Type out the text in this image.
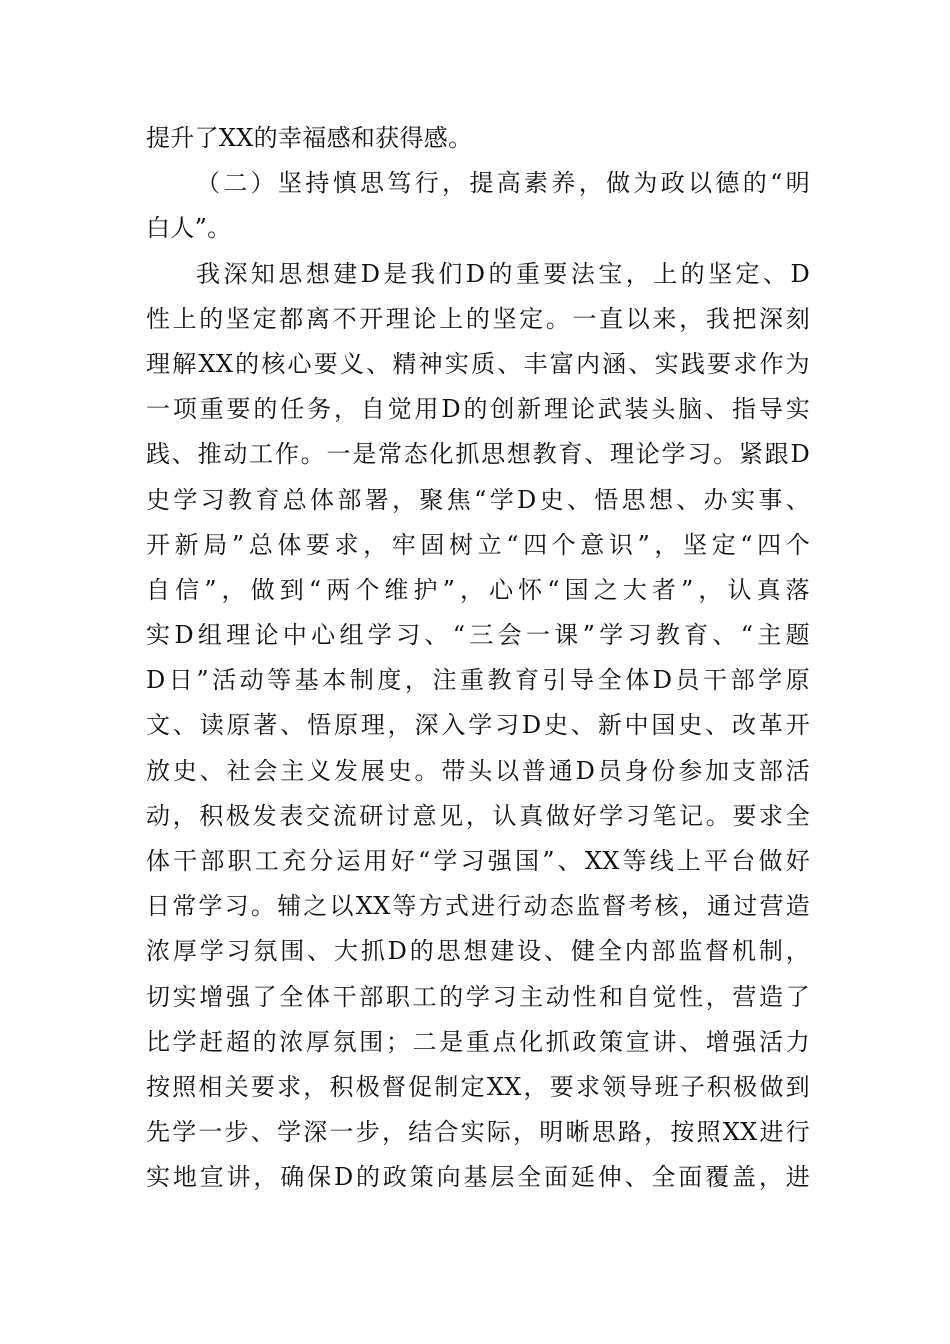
提升了XX的幸福感和获得感。
（二）坚持慎思笃行，提高素养，做为政以德的“明
白人”。
我深知思想建D是我们D的重要法宝，上的坚定、D
性上的坚定都离不开理论上的坚定。一直以来，我把深刻
理解XX的核心要义、精神实质、丰富内涵、实践要求作为
一项重要的任务，自觉用D的创新理论武装头脑、指导实
践、推动工作。一是常态化抓思想教育、理论学习。紧跟D
史学习教育总体部署，聚焦“学D史、悟思想、办实事、
开新局”总体要求，牢固树立“四个意识”，坚定“四个
自信”，做到“两个维护”，心怀“国之大者”，认真落
实D组理论中心组学习、“三会一课”学习教育、“主题
D日”活动等基本制度，注重教育引导全体D员干部学原
文、读原著、悟原理，深入学习D史、新中国史、改革开
放史、社会主义发展史。带头以普通D员身份参加支部活
动，积极发表交流研讨意见，认真做好学习笔记。要求全
体干部职工充分运用好“学习强国”、XX等线上平台做好
日常学习。辅之以XX等方式进行动态监督考核，通过营造
浓厚学习氛围、大抓D的思想建设、健全内部监督机制，
切实增强了全体干部职工的学习主动性和自觉性，营造了
比学赶超的浓厚氛围；二是重点化抓政策宣讲、增强活力
按照相关要求，积极督促制定XX，要求领导班子积极做到
先学一步、学深一步，结合实际，明晰思路，按照XX进行
实地宣讲，确保D的政策向基层全面延伸、全面覆盖，进
